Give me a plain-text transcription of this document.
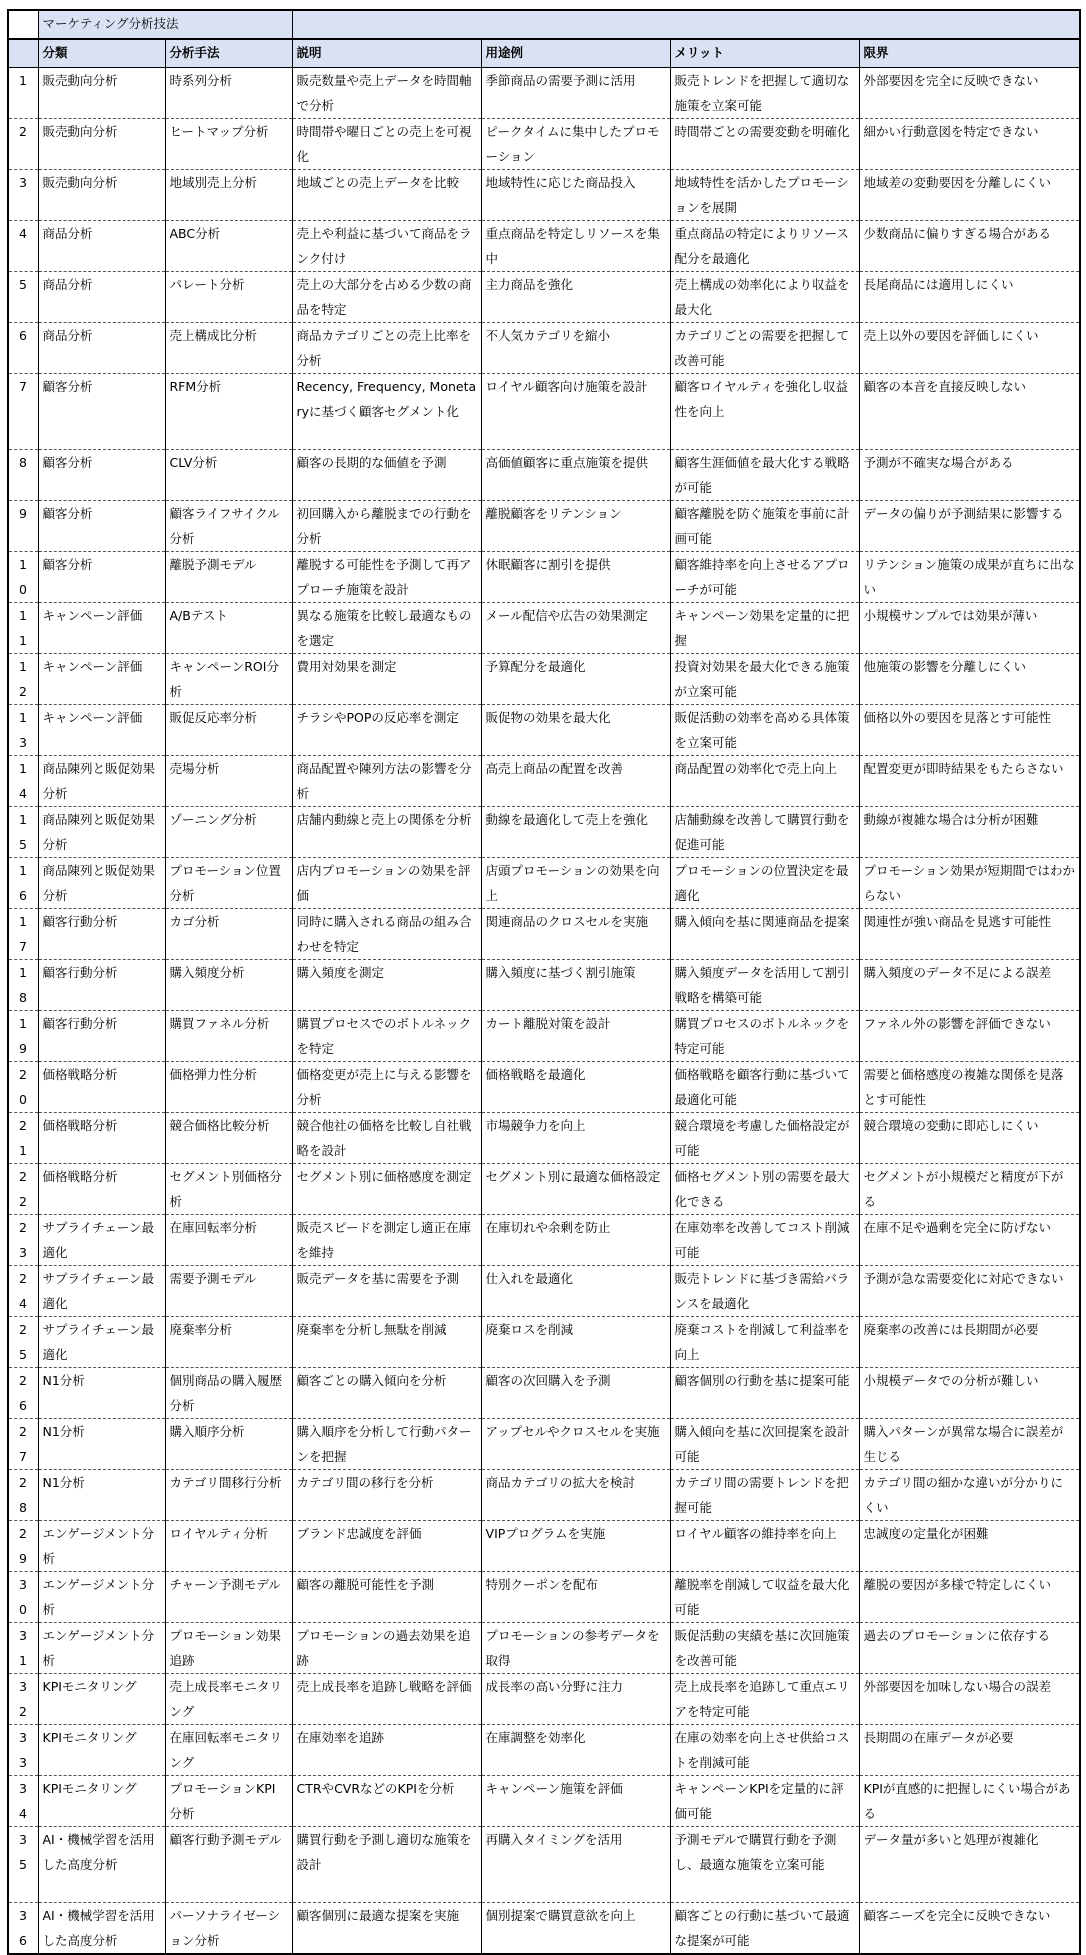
	マーケティング分析技法					
	分類	分析手法	説明	用途例	メリット	限界
1	販売動向分析	時系列分析	販売数量や売上データを時間軸で分析	季節商品の需要予測に活用	販売トレンドを把握して適切な施策を立案可能	外部要因を完全に反映できない
2	販売動向分析	ヒートマップ分析	時間帯や曜日ごとの売上を可視化	ピークタイムに集中したプロモーション	時間帯ごとの需要変動を明確化	細かい行動意図を特定できない
3	販売動向分析	地域別売上分析	地域ごとの売上データを比較	地域特性に応じた商品投入	地域特性を活かしたプロモーションを展開	地域差の変動要因を分離しにくい
4	商品分析	ABC分析	売上や利益に基づいて商品をランク付け	重点商品を特定しリソースを集中	重点商品の特定によりリソース配分を最適化	少数商品に偏りすぎる場合がある
5	商品分析	パレート分析	売上の大部分を占める少数の商品を特定	主力商品を強化	売上構成の効率化により収益を最大化	長尾商品には適用しにくい
6	商品分析	売上構成比分析	商品カテゴリごとの売上比率を分析	不人気カテゴリを縮小	カテゴリごとの需要を把握して改善可能	売上以外の要因を評価しにくい
7	顧客分析	RFM分析	Recency, Frequency, Monetaryに基づく顧客セグメント化	ロイヤル顧客向け施策を設計	顧客ロイヤルティを強化し収益性を向上	顧客の本音を直接反映しない
8	顧客分析	CLV分析	顧客の長期的な価値を予測	高価値顧客に重点施策を提供	顧客生涯価値を最大化する戦略が可能	予測が不確実な場合がある
9	顧客分析	顧客ライフサイクル分析	初回購入から離脱までの行動を分析	離脱顧客をリテンション	顧客離脱を防ぐ施策を事前に計画可能	データの偏りが予測結果に影響する
10	顧客分析	離脱予測モデル	離脱する可能性を予測して再アプローチ施策を設計	休眠顧客に割引を提供	顧客維持率を向上させるアプローチが可能	リテンション施策の成果が直ちに出ない
11	キャンペーン評価	A/Bテスト	異なる施策を比較し最適なものを選定	メール配信や広告の効果測定	キャンペーン効果を定量的に把握	小規模サンプルでは効果が薄い
12	キャンペーン評価	キャンペーンROI分析	費用対効果を測定	予算配分を最適化	投資対効果を最大化できる施策が立案可能	他施策の影響を分離しにくい
13	キャンペーン評価	販促反応率分析	チラシやPOPの反応率を測定	販促物の効果を最大化	販促活動の効率を高める具体策を立案可能	価格以外の要因を見落とす可能性
14	商品陳列と販促効果分析	売場分析	商品配置や陳列方法の影響を分析	高売上商品の配置を改善	商品配置の効率化で売上向上	配置変更が即時結果をもたらさない
15	商品陳列と販促効果分析	ゾーニング分析	店舗内動線と売上の関係を分析	動線を最適化して売上を強化	店舗動線を改善して購買行動を促進可能	動線が複雑な場合は分析が困難
16	商品陳列と販促効果分析	プロモーション位置分析	店内プロモーションの効果を評価	店頭プロモーションの効果を向上	プロモーションの位置決定を最適化	プロモーション効果が短期間ではわからない
17	顧客行動分析	カゴ分析	同時に購入される商品の組み合わせを特定	関連商品のクロスセルを実施	購入傾向を基に関連商品を提案	関連性が強い商品を見逃す可能性
18	顧客行動分析	購入頻度分析	購入頻度を測定	購入頻度に基づく割引施策	購入頻度データを活用して割引戦略を構築可能	購入頻度のデータ不足による誤差
19	顧客行動分析	購買ファネル分析	購買プロセスでのボトルネックを特定	カート離脱対策を設計	購買プロセスのボトルネックを特定可能	ファネル外の影響を評価できない
20	価格戦略分析	価格弾力性分析	価格変更が売上に与える影響を分析	価格戦略を最適化	価格戦略を顧客行動に基づいて最適化可能	需要と価格感度の複雑な関係を見落とす可能性
21	価格戦略分析	競合価格比較分析	競合他社の価格を比較し自社戦略を設計	市場競争力を向上	競合環境を考慮した価格設定が可能	競合環境の変動に即応しにくい
22	価格戦略分析	セグメント別価格分析	セグメント別に価格感度を測定	セグメント別に最適な価格設定	価格セグメント別の需要を最大化できる	セグメントが小規模だと精度が下がる
23	サプライチェーン最適化	在庫回転率分析	販売スピードを測定し適正在庫を維持	在庫切れや余剰を防止	在庫効率を改善してコスト削減可能	在庫不足や過剰を完全に防げない
24	サプライチェーン最適化	需要予測モデル	販売データを基に需要を予測	仕入れを最適化	販売トレンドに基づき需給バランスを最適化	予測が急な需要変化に対応できない
25	サプライチェーン最適化	廃棄率分析	廃棄率を分析し無駄を削減	廃棄ロスを削減	廃棄コストを削減して利益率を向上	廃棄率の改善には長期間が必要
26	N1分析	個別商品の購入履歴分析	顧客ごとの購入傾向を分析	顧客の次回購入を予測	顧客個別の行動を基に提案可能	小規模データでの分析が難しい
27	N1分析	購入順序分析	購入順序を分析して行動パターンを把握	アップセルやクロスセルを実施	購入傾向を基に次回提案を設計可能	購入パターンが異常な場合に誤差が生じる
28	N1分析	カテゴリ間移行分析	カテゴリ間の移行を分析	商品カテゴリの拡大を検討	カテゴリ間の需要トレンドを把握可能	カテゴリ間の細かな違いが分かりにくい
29	エンゲージメント分析	ロイヤルティ分析	ブランド忠誠度を評価	VIPプログラムを実施	ロイヤル顧客の維持率を向上	忠誠度の定量化が困難
30	エンゲージメント分析	チャーン予測モデル	顧客の離脱可能性を予測	特別クーポンを配布	離脱率を削減して収益を最大化可能	離脱の要因が多様で特定しにくい
31	エンゲージメント分析	プロモーション効果追跡	プロモーションの過去効果を追跡	プロモーションの参考データを取得	販促活動の実績を基に次回施策を改善可能	過去のプロモーションに依存する
32	KPIモニタリング	売上成長率モニタリング	売上成長率を追跡し戦略を評価	成長率の高い分野に注力	売上成長率を追跡して重点エリアを特定可能	外部要因を加味しない場合の誤差
33	KPIモニタリング	在庫回転率モニタリング	在庫効率を追跡	在庫調整を効率化	在庫の効率を向上させ供給コストを削減可能	長期間の在庫データが必要
34	KPIモニタリング	プロモーションKPI分析	CTRやCVRなどのKPIを分析	キャンペーン施策を評価	キャンペーンKPIを定量的に評価可能	KPIが直感的に把握しにくい場合がある
35	AI・機械学習を活用した高度分析	顧客行動予測モデル	購買行動を予測し適切な施策を設計	再購入タイミングを活用	予測モデルで購買行動を予測し、最適な施策を立案可能	データ量が多いと処理が複雑化
36	AI・機械学習を活用した高度分析	パーソナライゼーション分析	顧客個別に最適な提案を実施	個別提案で購買意欲を向上	顧客ごとの行動に基づいて最適な提案が可能	顧客ニーズを完全に反映できない
